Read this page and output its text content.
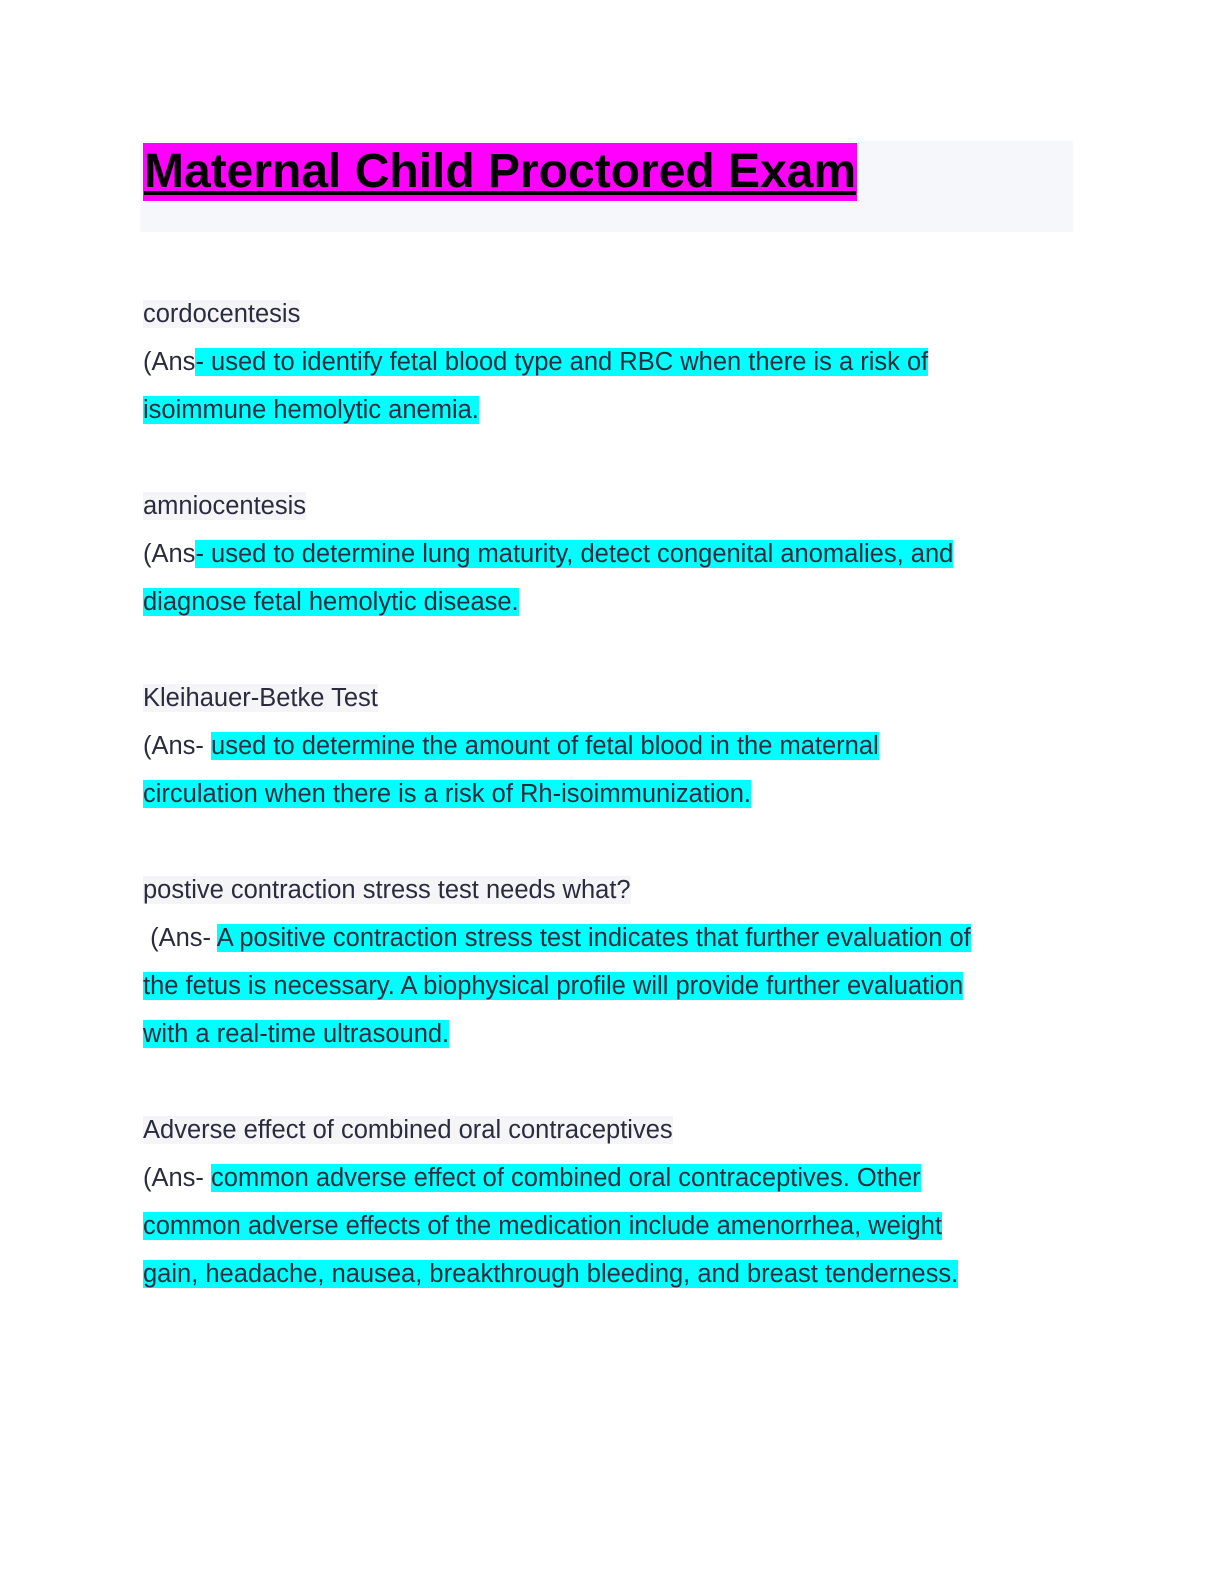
Maternal Child Proctored Exam
cordocentesis
(Ans- used to identify fetal blood type and RBC when there is a risk of
isoimmune hemolytic anemia.
amniocentesis
(Ans- used to determine lung maturity, detect congenital anomalies, and
diagnose fetal hemolytic disease.
Kleihauer-Betke Test
(Ans- used to determine the amount of fetal blood in the maternal
circulation when there is a risk of Rh-isoimmunization.
postive contraction stress test needs what?
(Ans- A positive contraction stress test indicates that further evaluation of
the fetus is necessary. A biophysical profile will provide further evaluation
with a real-time ultrasound.
Adverse effect of combined oral contraceptives
(Ans- common adverse effect of combined oral contraceptives. Other
common adverse effects of the medication include amenorrhea, weight
gain, headache, nausea, breakthrough bleeding, and breast tenderness.
